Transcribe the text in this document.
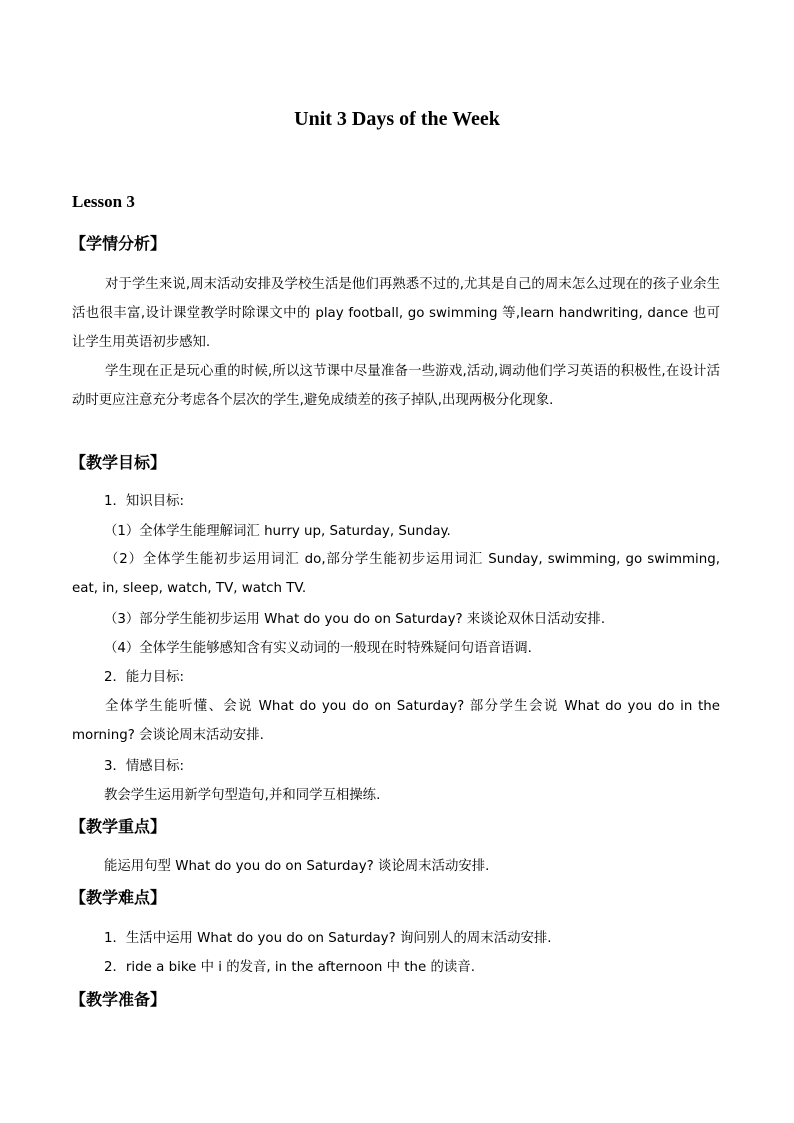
Unit 3 Days of the Week
Lesson 3
【学情分析】
对于学生来说,周末活动安排及学校生活是他们再熟悉不过的,尤其是自己的周末怎么过现在的孩子业余生活也很丰富,设计课堂教学时除课文中的 play football, go swimming 等,learn handwriting, dance 也可让学生用英语初步感知.
学生现在正是玩心重的时候,所以这节课中尽量准备一些游戏,活动,调动他们学习英语的积极性,在设计活动时更应注意充分考虑各个层次的学生,避免成绩差的孩子掉队,出现两极分化现象.
【教学目标】
1．知识目标:
（1）全体学生能理解词汇 hurry up, Saturday, Sunday.
（2）全体学生能初步运用词汇 do,部分学生能初步运用词汇 Sunday, swimming, go swimming, eat, in, sleep, watch, TV, watch TV.
（3）部分学生能初步运用 What do you do on Saturday? 来谈论双休日活动安排.
（4）全体学生能够感知含有实义动词的一般现在时特殊疑问句语音语调.
2．能力目标:
全体学生能听懂、会说 What do you do on Saturday? 部分学生会说 What do you do in the morning? 会谈论周末活动安排.
3．情感目标:
教会学生运用新学句型造句,并和同学互相操练.
【教学重点】
能运用句型 What do you do on Saturday? 谈论周末活动安排.
【教学难点】
1．生活中运用 What do you do on Saturday? 询问别人的周末活动安排.
2．ride a bike 中 i 的发音, in the afternoon 中 the 的读音.
【教学准备】
